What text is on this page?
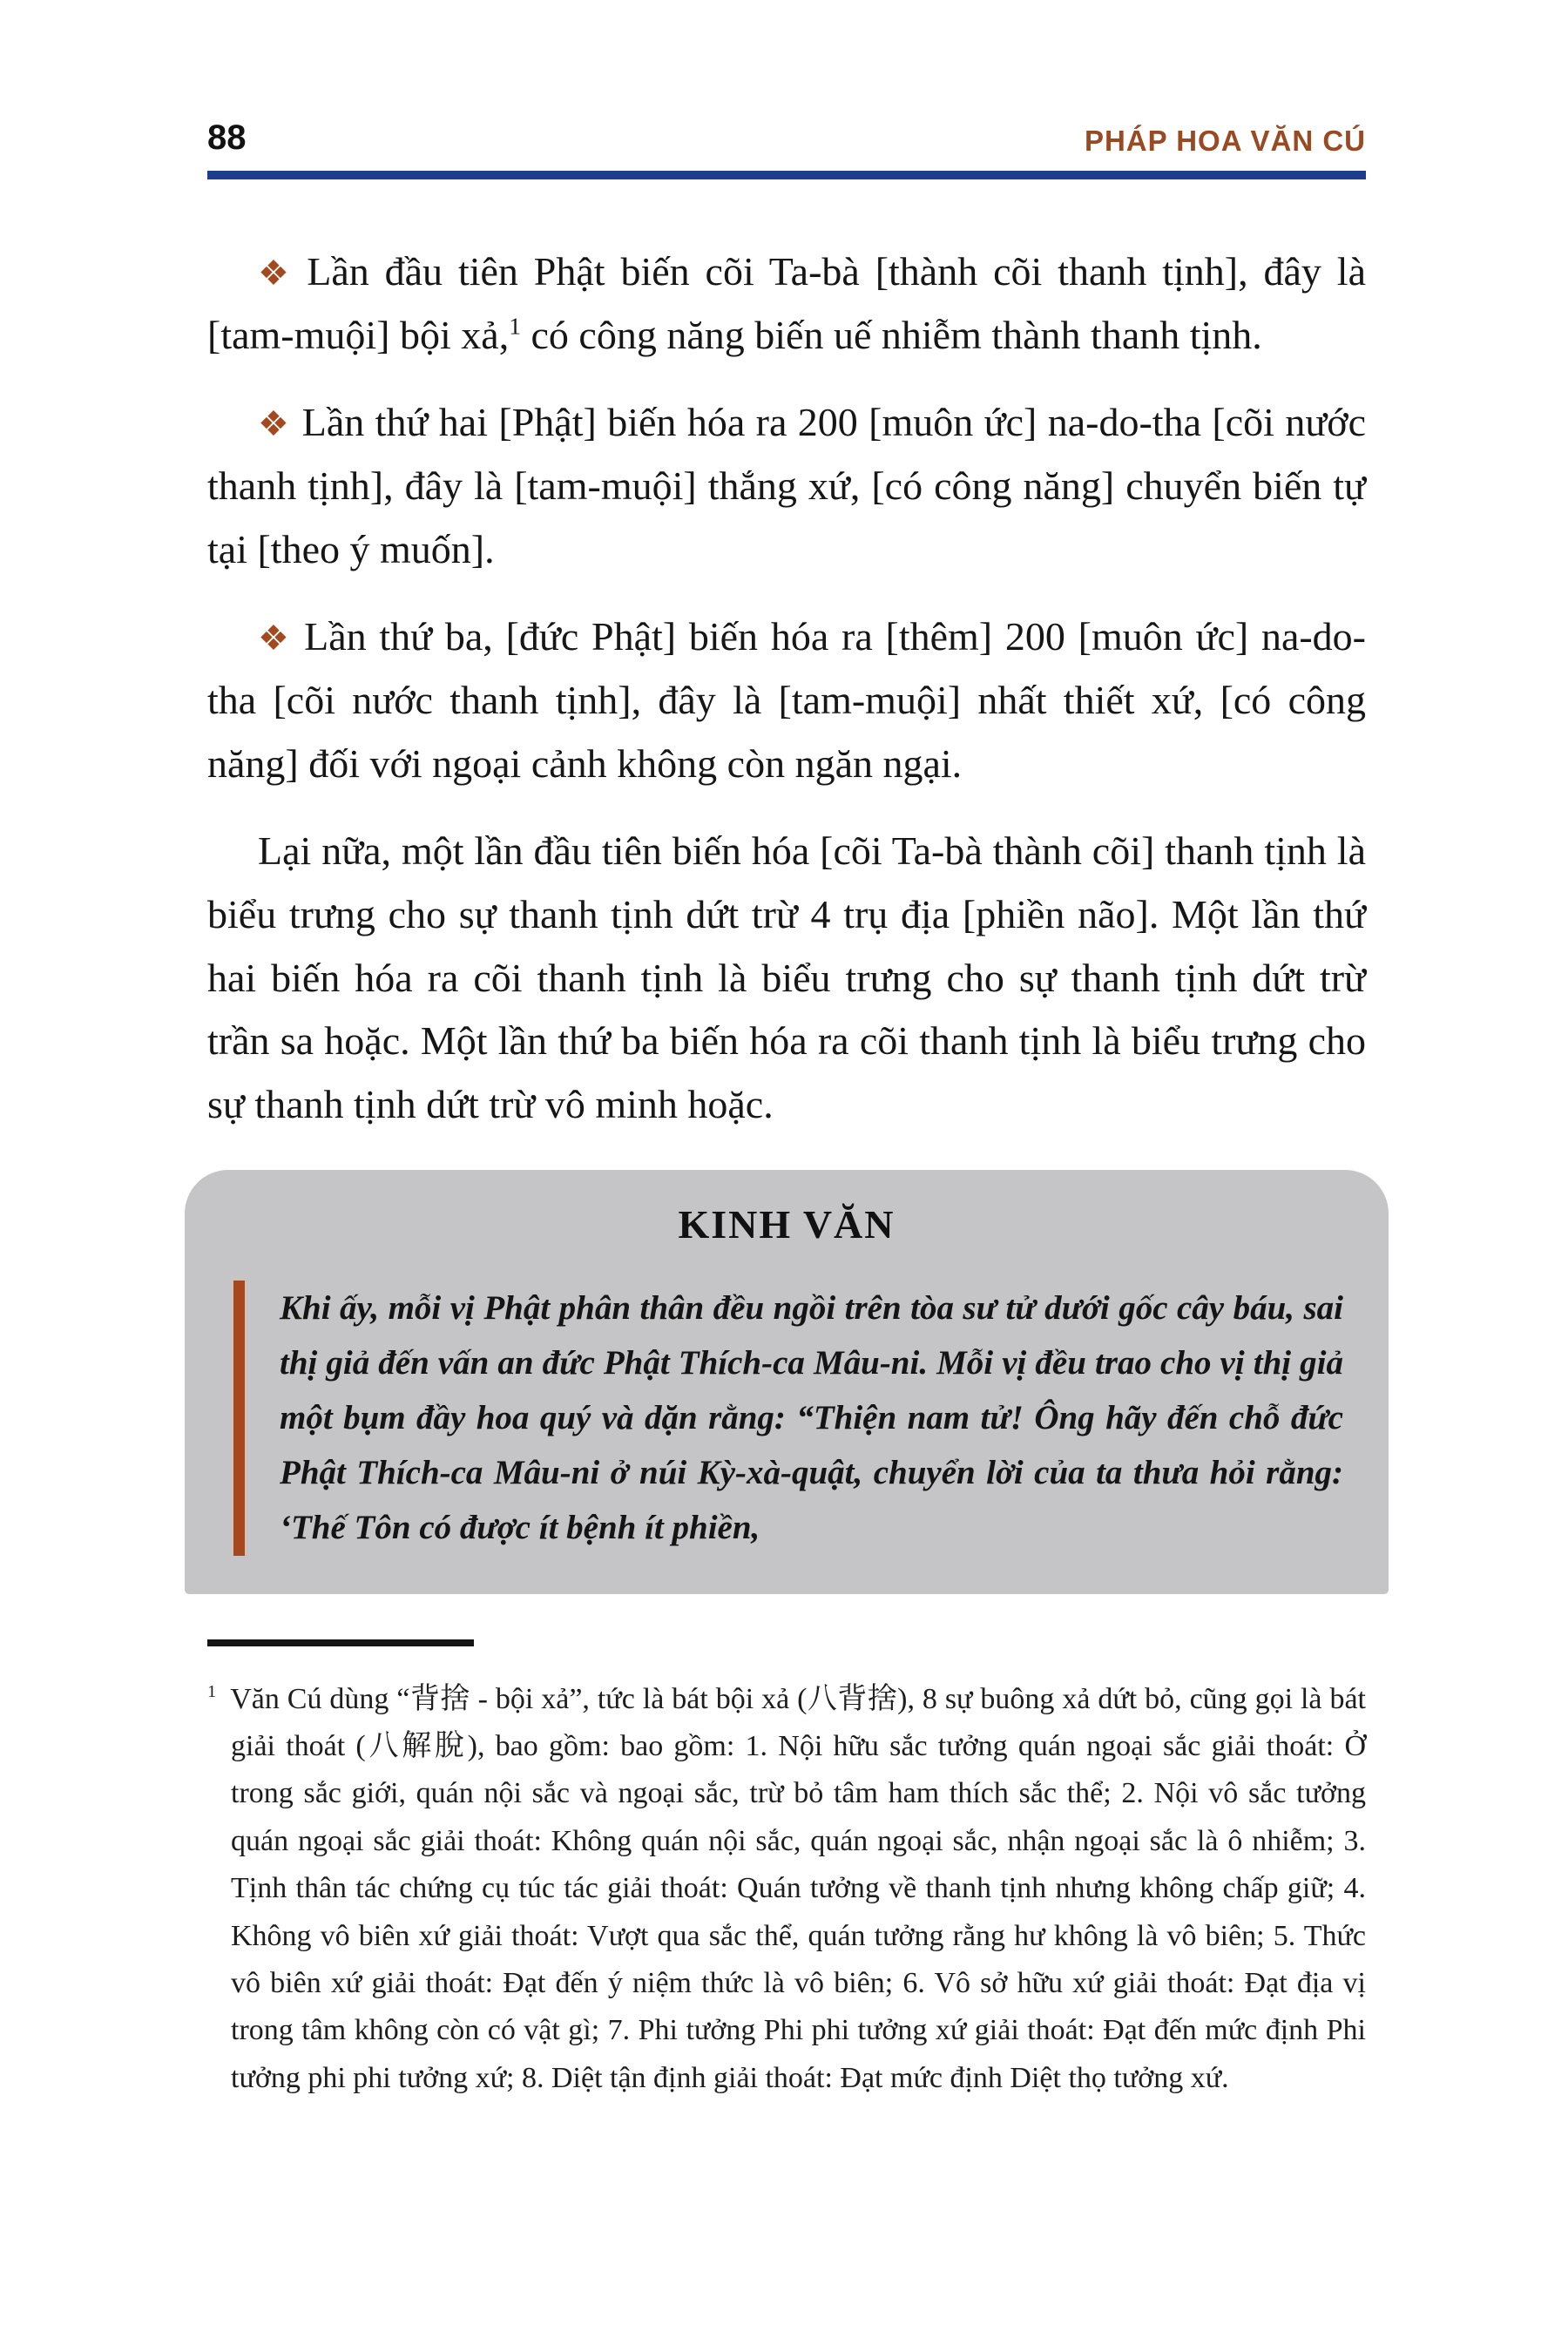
88	PHÁP HOA VĂN CÚ

❖ Lần đầu tiên Phật biến cõi Ta-bà [thành cõi thanh tịnh], đây là [tam-muội] bội xả,$^1$ có công năng biến uế nhiễm thành thanh tịnh.

❖ Lần thứ hai [Phật] biến hóa ra 200 [muôn ức] na-do-tha [cõi nước thanh tịnh], đây là [tam-muội] thắng xứ, [có công năng] chuyển biến tự tại [theo ý muốn].

❖ Lần thứ ba, [đức Phật] biến hóa ra [thêm] 200 [muôn ức] na-do-tha [cõi nước thanh tịnh], đây là [tam-muội] nhất thiết xứ, [có công năng] đối với ngoại cảnh không còn ngăn ngại.

Lại nữa, một lần đầu tiên biến hóa [cõi Ta-bà thành cõi] thanh tịnh là biểu trưng cho sự thanh tịnh dứt trừ 4 trụ địa [phiền não]. Một lần thứ hai biến hóa ra cõi thanh tịnh là biểu trưng cho sự thanh tịnh dứt trừ trần sa hoặc. Một lần thứ ba biến hóa ra cõi thanh tịnh là biểu trưng cho sự thanh tịnh dứt trừ vô minh hoặc.

KINH VĂN
Khi ấy, mỗi vị Phật phân thân đều ngồi trên tòa sư tử dưới gốc cây báu, sai thị giả đến vấn an đức Phật Thích-ca Mâu-ni. Mỗi vị đều trao cho vị thị giả một bụm đầy hoa quý và dặn rằng: “Thiện nam tử! Ông hãy đến chỗ đức Phật Thích-ca Mâu-ni ở núi Kỳ-xà-quật, chuyển lời của ta thưa hỏi rằng: ‘Thế Tôn có được ít bệnh ít phiền,

$^1$ Văn Cú dùng “背捨 - bội xả”, tức là bát bội xả (八背捨), 8 sự buông xả dứt bỏ, cũng gọi là bát giải thoát (八解脫), bao gồm: bao gồm: 1. Nội hữu sắc tưởng quán ngoại sắc giải thoát: Ở trong sắc giới, quán nội sắc và ngoại sắc, trừ bỏ tâm ham thích sắc thể; 2. Nội vô sắc tưởng quán ngoại sắc giải thoát: Không quán nội sắc, quán ngoại sắc, nhận ngoại sắc là ô nhiễm; 3. Tịnh thân tác chứng cụ túc tác giải thoát: Quán tưởng về thanh tịnh nhưng không chấp giữ; 4. Không vô biên xứ giải thoát: Vượt qua sắc thể, quán tưởng rằng hư không là vô biên; 5. Thức vô biên xứ giải thoát: Đạt đến ý niệm thức là vô biên; 6. Vô sở hữu xứ giải thoát: Đạt địa vị trong tâm không còn có vật gì; 7. Phi tưởng Phi phi tưởng xứ giải thoát: Đạt đến mức định Phi tưởng phi phi tưởng xứ; 8. Diệt tận định giải thoát: Đạt mức định Diệt thọ tưởng xứ.
